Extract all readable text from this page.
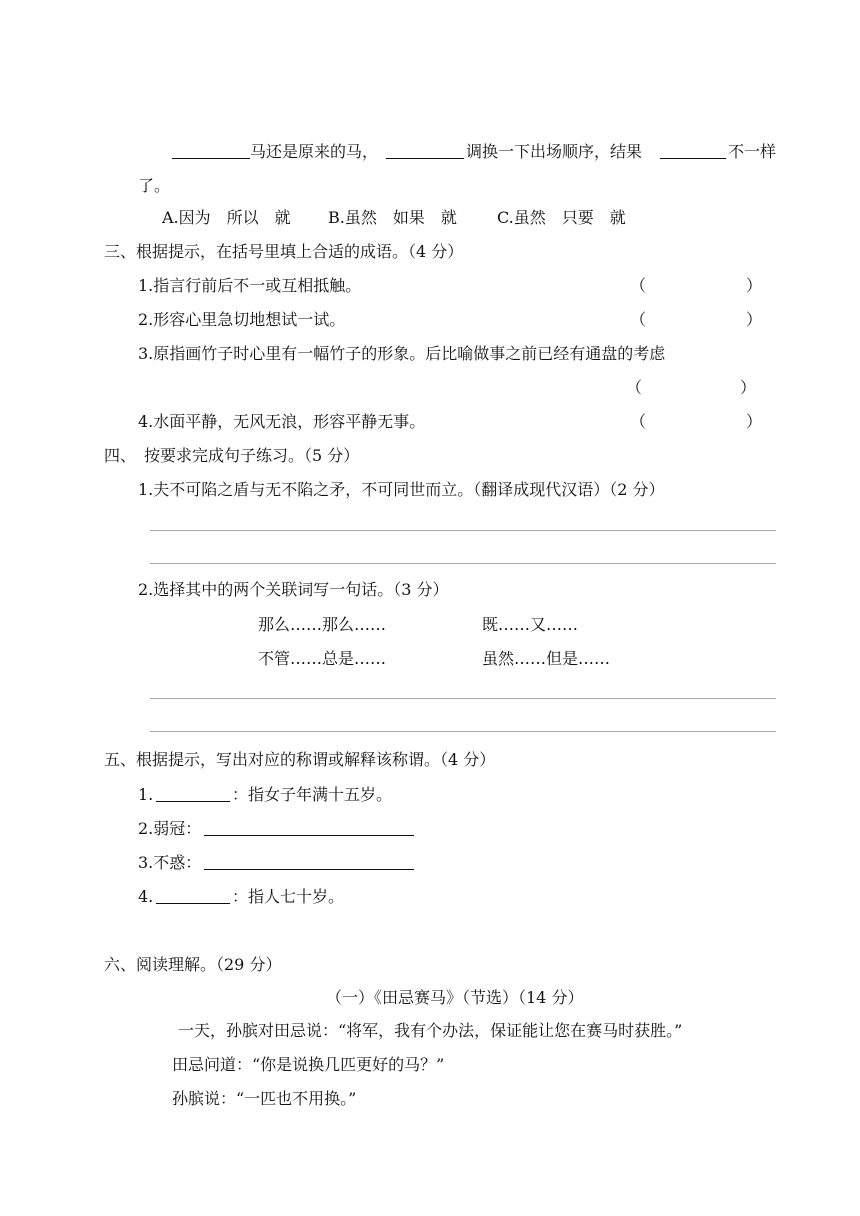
马还是原来的马，	调换一下出场顺序，结果	不一样
了。
A.因为　所以　就 B.虽然　如果　就	C.虽然　只要　就
三、根据提示，在括号里填上合适的成语。（4 分）
1.指言行前后不一或互相抵触。	（	）
2.形容心里急切地想试一试。	（	）
3.原指画竹子时心里有一幅竹子的形象。后比喻做事之前已经有通盘的考虑
（	）
4.水面平静，无风无浪，形容平静无事。	（	）
四、　按要求完成句子练习。（5 分）
1.夫不可陷之盾与无不陷之矛，不可同世而立。（翻译成现代汉语）（2 分）
2.选择其中的两个关联词写一句话。（3 分）
那么……那么……	既……又……
不管……总是……	虽然……但是……
五、根据提示，写出对应的称谓或解释该称谓。（4 分）
1.	：指女子年满十五岁。
2.弱冠：
3.不惑：
4.	：指人七十岁。
六、阅读理解。（29 分）
（一）《田忌赛马》（节选）（14 分）
一天，孙膑对田忌说：“将军，我有个办法，保证能让您在赛马时获胜。”
田忌问道：“你是说换几匹更好的马？”
孙膑说：“一匹也不用换。”
